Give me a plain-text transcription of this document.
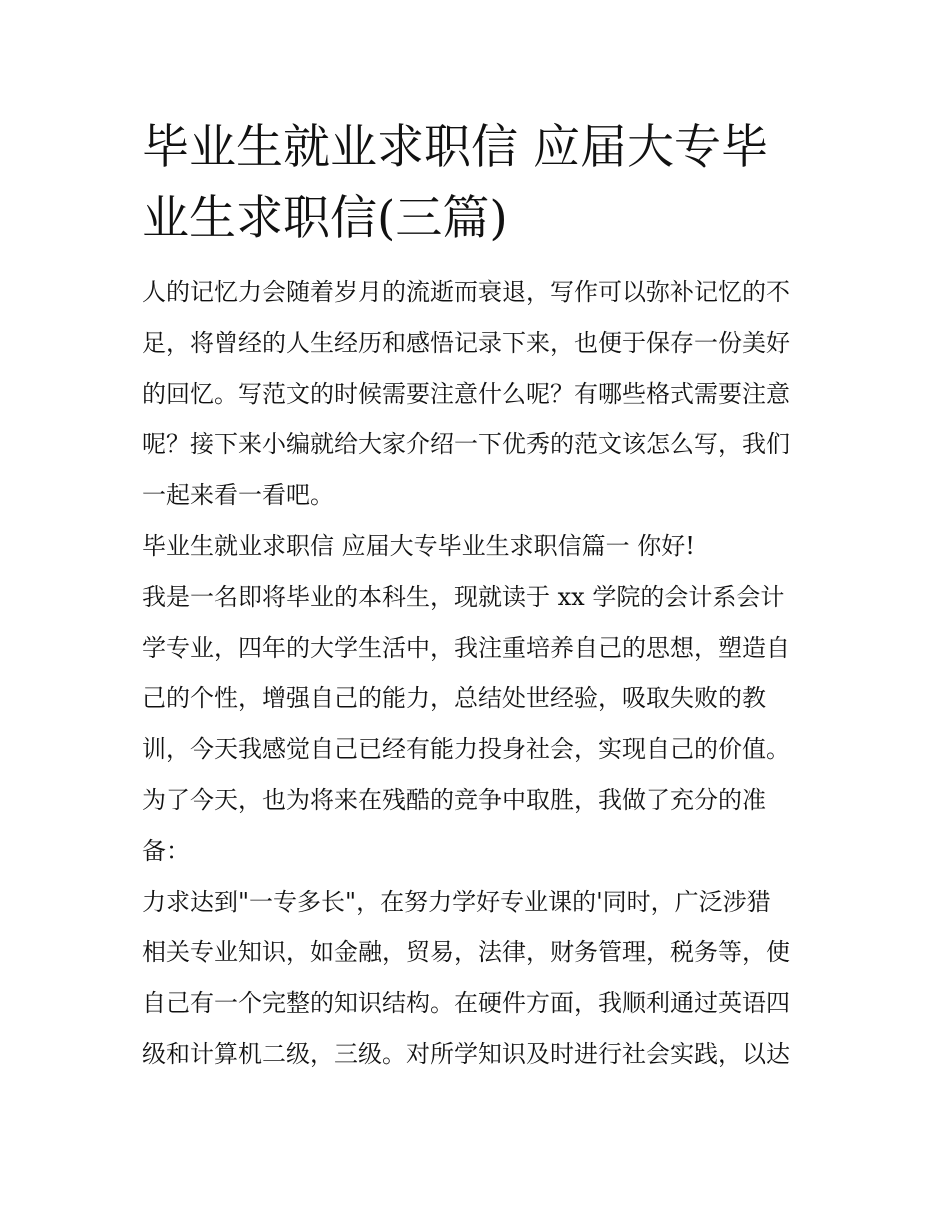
毕业生就业求职信 应届大专毕
业生求职信(三篇)
人的记忆力会随着岁月的流逝而衰退，写作可以弥补记忆的不
足，将曾经的人生经历和感悟记录下来，也便于保存一份美好
的回忆。写范文的时候需要注意什么呢？有哪些格式需要注意
呢？接下来小编就给大家介绍一下优秀的范文该怎么写，我们
一起来看一看吧。
毕业生就业求职信 应届大专毕业生求职信篇一 你好!
我是一名即将毕业的本科生，现就读于 xx 学院的会计系会计
学专业，四年的大学生活中，我注重培养自己的思想，塑造自
己的个性，增强自己的能力，总结处世经验，吸取失败的教
训，今天我感觉自己已经有能力投身社会，实现自己的价值。
为了今天，也为将来在残酷的竞争中取胜，我做了充分的准
备：
力求达到"一专多长"，在努力学好专业课的'同时，广泛涉猎
相关专业知识，如金融，贸易，法律，财务管理，税务等，使
自己有一个完整的知识结构。在硬件方面，我顺利通过英语四
级和计算机二级，三级。对所学知识及时进行社会实践，以达
